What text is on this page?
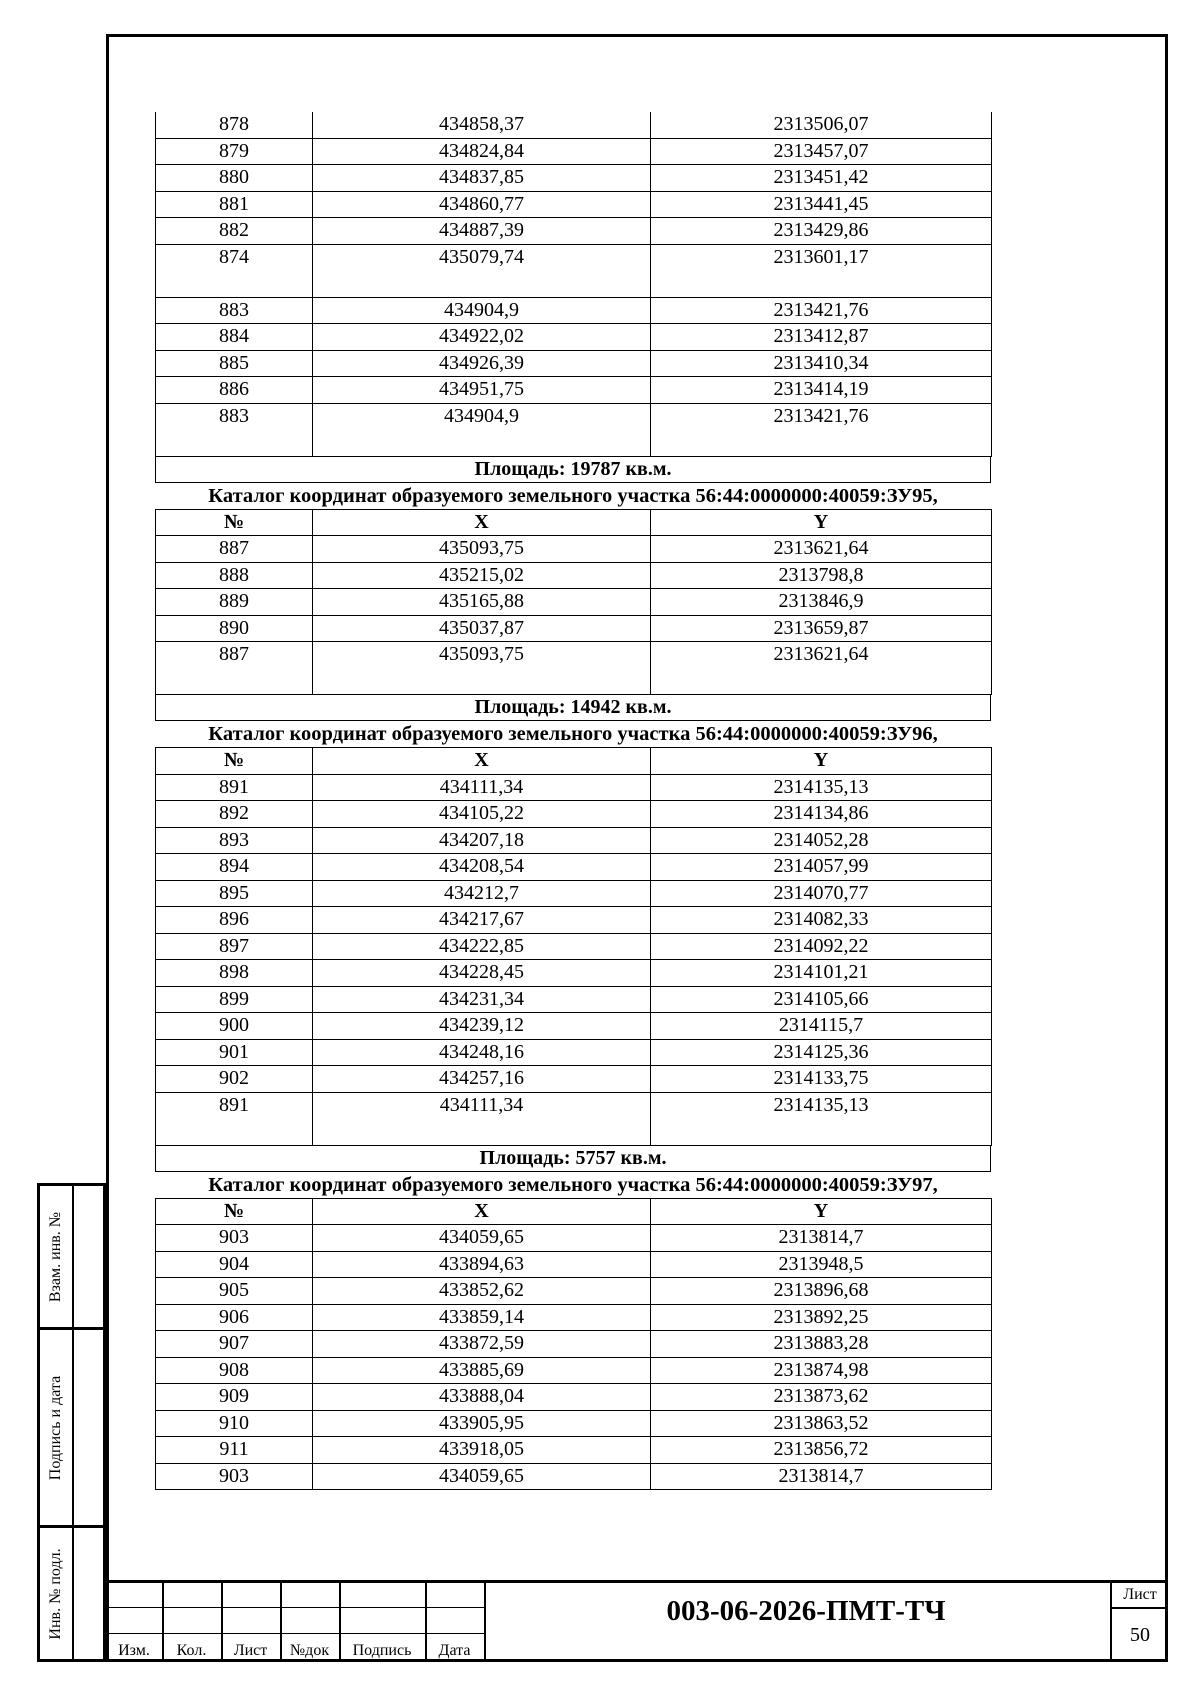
878	434858,37	2313506,07
879	434824,84	2313457,07
880	434837,85	2313451,42
881	434860,77	2313441,45
882	434887,39	2313429,86
874	435079,74	2313601,17
883	434904,9	2313421,76
884	434922,02	2313412,87
885	434926,39	2313410,34
886	434951,75	2313414,19
883	434904,9	2313421,76
Площадь: 19787 кв.м.
Каталог координат образуемого земельного участка 56:44:0000000:40059:ЗУ95,
№	X	Y
887	435093,75	2313621,64
888	435215,02	2313798,8
889	435165,88	2313846,9
890	435037,87	2313659,87
887	435093,75	2313621,64
Площадь: 14942 кв.м.
Каталог координат образуемого земельного участка 56:44:0000000:40059:ЗУ96,
№	X	Y
891	434111,34	2314135,13
892	434105,22	2314134,86
893	434207,18	2314052,28
894	434208,54	2314057,99
895	434212,7	2314070,77
896	434217,67	2314082,33
897	434222,85	2314092,22
898	434228,45	2314101,21
899	434231,34	2314105,66
900	434239,12	2314115,7
901	434248,16	2314125,36
902	434257,16	2314133,75
891	434111,34	2314135,13
Площадь: 5757 кв.м.
Каталог координат образуемого земельного участка 56:44:0000000:40059:ЗУ97,
№	X	Y
903	434059,65	2313814,7
904	433894,63	2313948,5
905	433852,62	2313896,68
906	433859,14	2313892,25
907	433872,59	2313883,28
908	433885,69	2313874,98
909	433888,04	2313873,62
910	433905,95	2313863,52
911	433918,05	2313856,72
903	434059,65	2313814,7
Взам. инв. №
Подпись и дата
Инв. № подл.
Изм.	Кол.	Лист	№док	Подпись	Дата
003-06-2026-ПМТ-ТЧ
Лист
50
